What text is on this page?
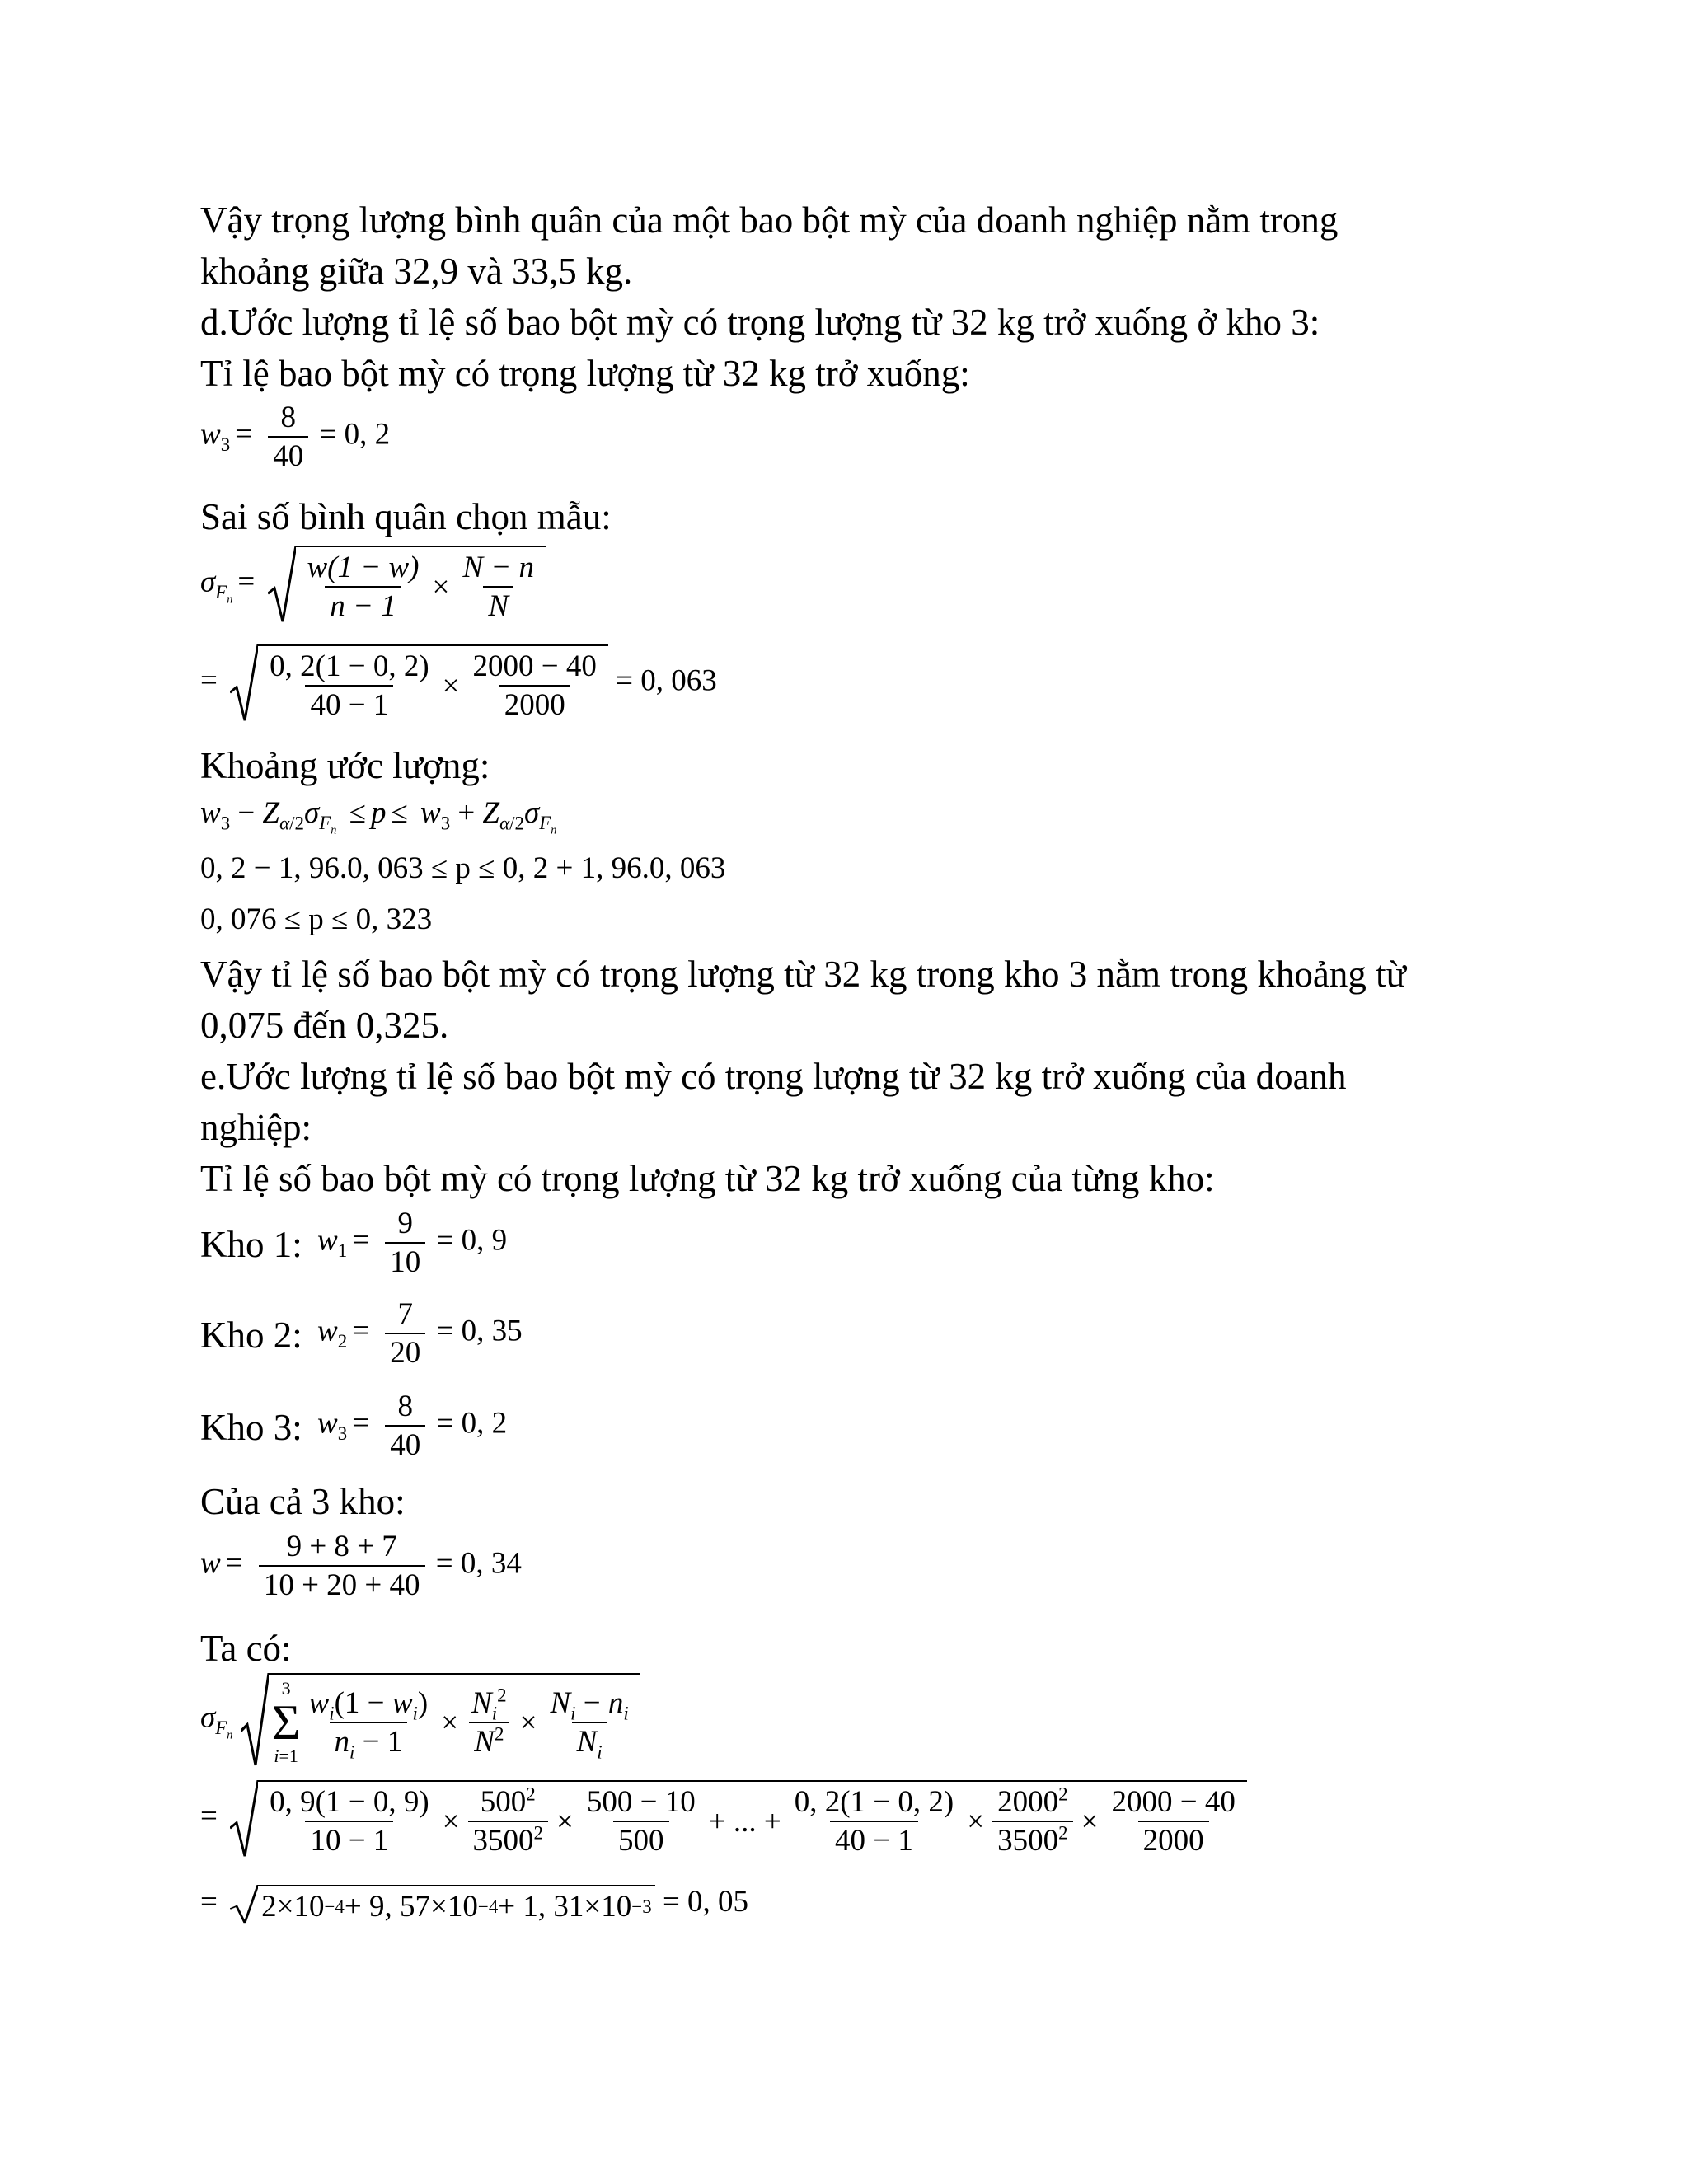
Vậy trọng lượng bình quân của một bao bột mỳ của doanh nghiệp nằm trong
khoảng giữa 32,9 và 33,5 kg.
d.Ước lượng tỉ lệ số bao bột mỳ có trọng lượng từ 32 kg trở xuống ở kho 3:
Tỉ lệ bao bột mỳ có trọng lượng từ 32 kg trở xuống:
$w_3 = \frac{8}{40} = 0$, 2
Sai số bình quân chọn mẫu:
$\sigma_{F_n}= \frac{w(1 - w)}{n - 1} \times \frac{N - n}{N}$
= $\frac{0, 2(1 - 0, 2)}{40 - 1} \times \frac{2000 - 40}{2000} = 0$, 063
Khoảng ước lượng:
$w_3 - Z_{\alpha/2}\sigma_{F_n} \le p \le w_3 + Z_{\alpha/2}\sigma_{F_n}$
0, 2 − 1, 96.0, 063 ≤ p ≤ 0, 2 + 1, 96.0, 063
0, 076 ≤ p ≤ 0, 323
Vậy tỉ lệ số bao bột mỳ có trọng lượng từ 32 kg trong kho 3 nằm trong khoảng từ
0,075 đến 0,325.
e.Ước lượng tỉ lệ số bao bột mỳ có trọng lượng từ 32 kg trở xuống của doanh
nghiệp:
Tỉ lệ số bao bột mỳ có trọng lượng từ 32 kg trở xuống của từng kho:
Kho 1: $w_1 = \frac{9}{10} = 0$, 9
Kho 2: $w_2 = \frac{7}{20} = 0$, 35
Kho 3: $w_3 = \frac{8}{40} = 0$, 2
Của cả 3 kho:
$w = \frac{9 + 8 + 7}{10 + 20 + 40} = 0$, 34
Ta có:
$\sigma_{F_n}$
3
Σ
$i=1 \frac{w_i(1 - w_i)}{n_i - 1} \times \frac{N_i^2}{N^2} \times \frac{N_i - n_i}{N_i}$
= $\frac{0, 9(1 - 0, 9)}{10 - 1} \times \frac{500^2}{3500^2} \times \frac{500 - 10}{500}$ + ... + $\frac{0, 2(1 - 0, 2)}{40 - 1} \times \frac{2000^2}{3500^2} \times \frac{2000 - 40}{2000}$
= 2×10 −4 + 9, 57×10 −4 + 1, 31×10 −3 = 0, 05
